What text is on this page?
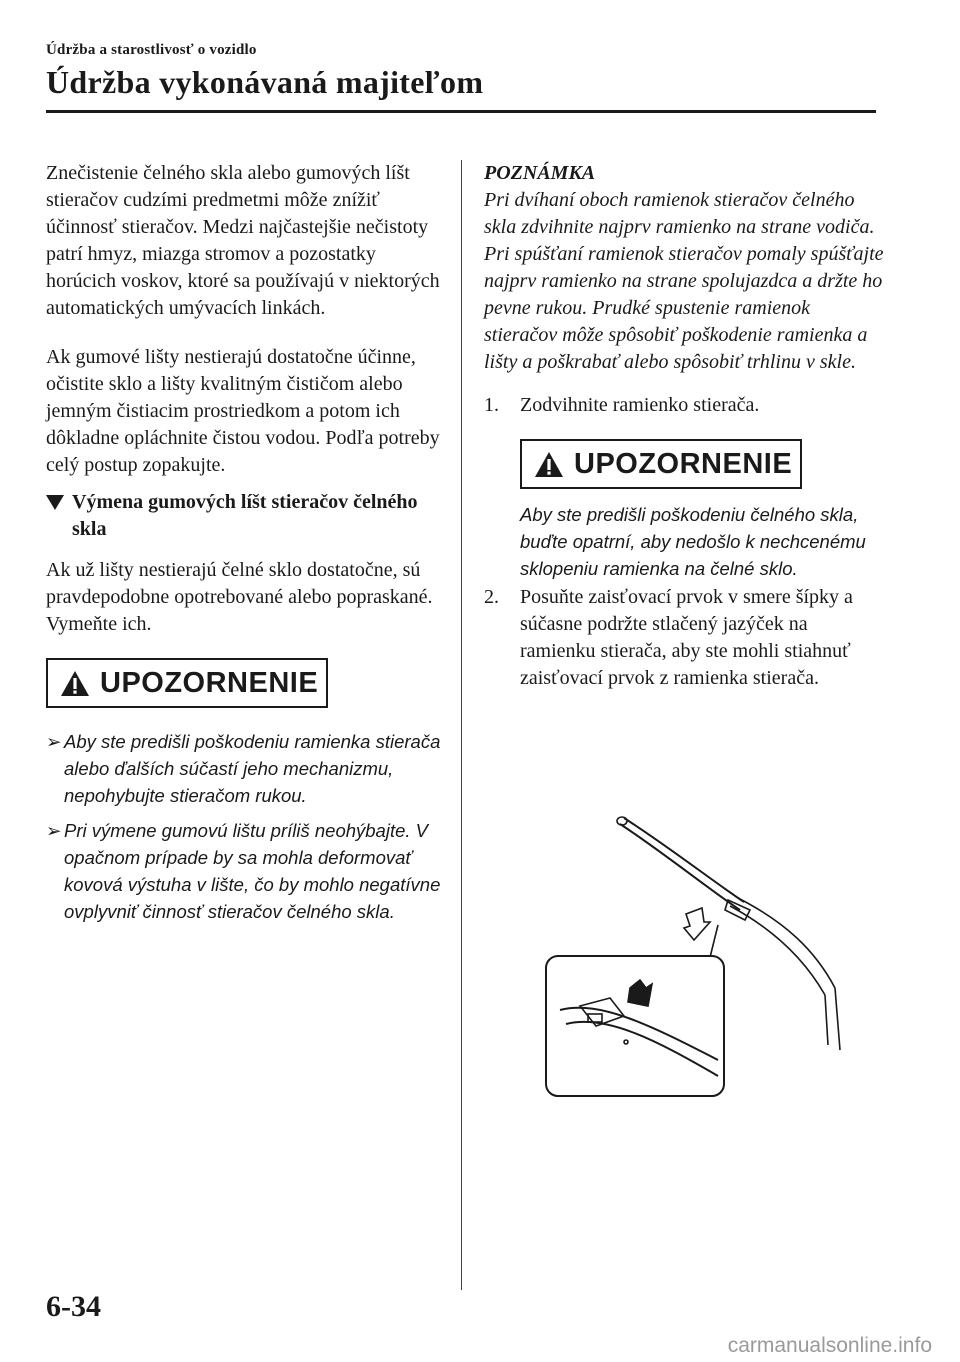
Údržba a starostlivosť o vozidlo
Údržba vykonávaná majiteľom

Znečistenie čelného skla alebo gumových líšt stieračov cudzími predmetmi môže znížiť účinnosť stieračov. Medzi najčastejšie nečistoty patrí hmyz, miazga stromov a pozostatky horúcich voskov, ktoré sa používajú v niektorých automatických umývacích linkách.

Ak gumové lišty nestierajú dostatočne účinne, očistite sklo a lišty kvalitným čističom alebo jemným čistiacim prostriedkom a potom ich dôkladne opláchnite čistou vodou. Podľa potreby celý postup zopakujte.

Výmena gumových líšt stieračov čelného skla

Ak už lišty nestierajú čelné sklo dostatočne, sú pravdepodobne opotrebované alebo popraskané. Vymeňte ich.

UPOZORNENIE
➢ Aby ste predišli poškodeniu ramienka stierača alebo ďalších súčastí jeho mechanizmu, nepohybujte stieračom rukou.
➢ Pri výmene gumovú lištu príliš neohýbajte. V opačnom prípade by sa mohla deformovať kovová výstuha v lište, čo by mohlo negatívne ovplyvniť činnosť stieračov čelného skla.

POZNÁMKA

Pri dvíhaní oboch ramienok stieračov čelného skla zdvihnite najprv ramienko na strane vodiča. Pri spúšťaní ramienok stieračov pomaly spúšťajte najprv ramienko na strane spolujazdca a držte ho pevne rukou. Prudké spustenie ramienok stieračov môže spôsobiť poškodenie ramienka a lišty a poškrabať alebo spôsobiť trhlinu v skle.

1. Zodvihnite ramienko stierača.
UPOZORNENIE

Aby ste predišli poškodeniu čelného skla, buďte opatrní, aby nedošlo k nechcenému sklopeniu ramienka na čelné sklo.

2. Posuňte zaisťovací prvok v smere šípky a súčasne podržte stlačený jazýček na ramienku stierača, aby ste mohli stiahnuť zaisťovací prvok z ramienka stierača.
6-34
carmanualsonline.info
